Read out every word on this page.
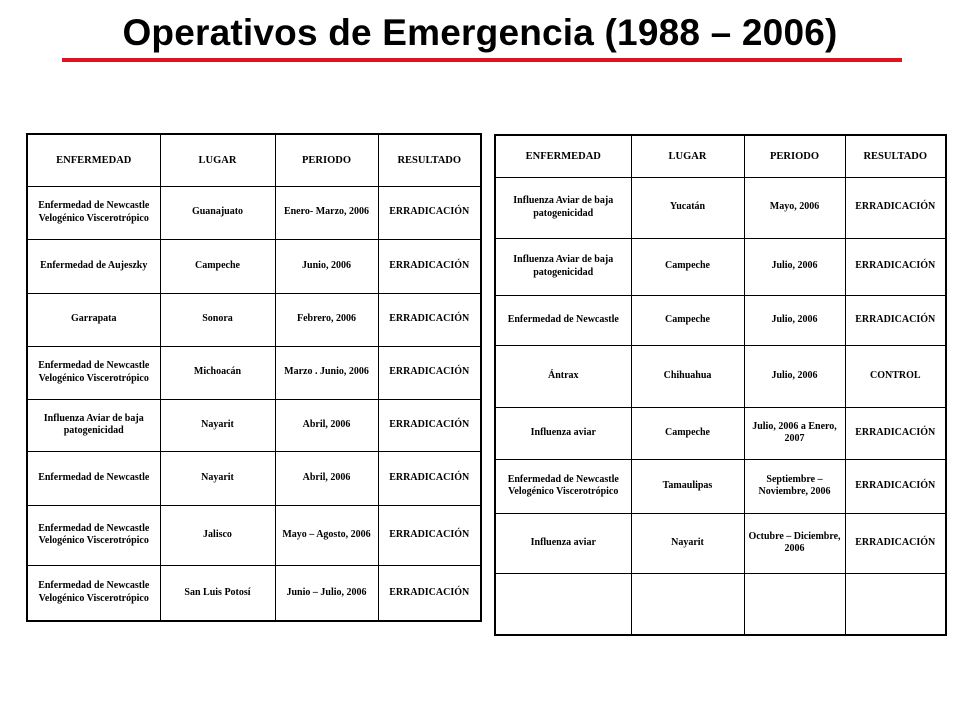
Operativos de Emergencia (1988 – 2006)
ENFERMEDAD	LUGAR	PERIODO	RESULTADO
Enfermedad de Newcastle Velogénico Viscerotrópico	Guanajuato	Enero- Marzo, 2006	ERRADICACIÓN
Enfermedad de Aujeszky	Campeche	Junio, 2006	ERRADICACIÓN
Garrapata	Sonora	Febrero, 2006	ERRADICACIÓN
Enfermedad de Newcastle Velogénico Viscerotrópico	Michoacán	Marzo . Junio, 2006	ERRADICACIÓN
Influenza Aviar de baja patogenicidad	Nayarit	Abril, 2006	ERRADICACIÓN
Enfermedad de Newcastle	Nayarit	Abril, 2006	ERRADICACIÓN
Enfermedad de Newcastle Velogénico Viscerotrópico	Jalisco	Mayo – Agosto, 2006	ERRADICACIÓN
Enfermedad de Newcastle Velogénico Viscerotrópico	San Luis Potosí	Junio – Julio, 2006	ERRADICACIÓN
ENFERMEDAD	LUGAR	PERIODO	RESULTADO
Influenza Aviar de baja patogenicidad	Yucatán	Mayo, 2006	ERRADICACIÓN
Influenza Aviar de baja patogenicidad	Campeche	Julio, 2006	ERRADICACIÓN
Enfermedad de Newcastle	Campeche	Julio, 2006	ERRADICACIÓN
Ántrax	Chihuahua	Julio, 2006	CONTROL
Influenza aviar	Campeche	Julio, 2006 a Enero, 2007	ERRADICACIÓN
Enfermedad de Newcastle Velogénico Viscerotrópico	Tamaulipas	Septiembre – Noviembre, 2006	ERRADICACIÓN
Influenza aviar	Nayarit	Octubre – Diciembre, 2006	ERRADICACIÓN
